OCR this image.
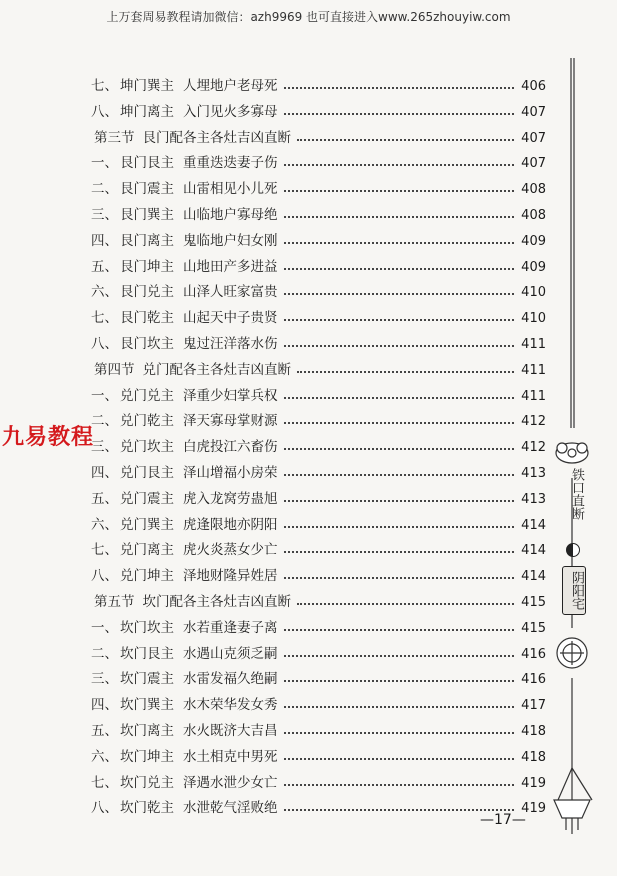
上万套周易教程请加微信：azh9969 也可直接进入www.265zhouyiw.com
九易教程
七、 坤门巽主 人埋地户老母死	406
八、 坤门离主 入门见火多寡母	407
第三节 艮门配各主各灶吉凶直断	407
一、 艮门艮主 重重迭迭妻子伤	407
二、 艮门震主 山雷相见小儿死	408
三、 艮门巽主 山临地户寡母绝	408
四、 艮门离主 鬼临地户妇女刚	409
五、 艮门坤主 山地田产多进益	409
六、 艮门兑主 山泽人旺家富贵	410
七、 艮门乾主 山起天中子贵贤	410
八、 艮门坎主 鬼过汪洋落水伤	411
第四节 兑门配各主各灶吉凶直断	411
一、 兑门兑主 泽重少妇掌兵权	411
二、 兑门乾主 泽天寡母掌财源	412
三、 兑门坎主 白虎投江六畜伤	412
四、 兑门艮主 泽山增福小房荣	413
五、 兑门震主 虎入龙窝劳蛊旭	413
六、 兑门巽主 虎逢限地亦阴阳	414
七、 兑门离主 虎火炎蒸女少亡	414
八、 兑门坤主 泽地财隆异姓居	414
第五节 坎门配各主各灶吉凶直断	415
一、 坎门坎主 水若重逢妻子离	415
二、 坎门艮主 水遇山克须乏嗣	416
三、 坎门震主 水雷发福久绝嗣	416
四、 坎门巽主 水木荣华发女秀	417
五、 坎门离主 水火既济大吉昌	418
六、 坎门坤主 水土相克中男死	418
七、 坎门兑主 泽遇水泄少女亡	419
八、 坎门乾主 水泄乾气淫败绝	419
—17—
铁口直断
阴阳宅
